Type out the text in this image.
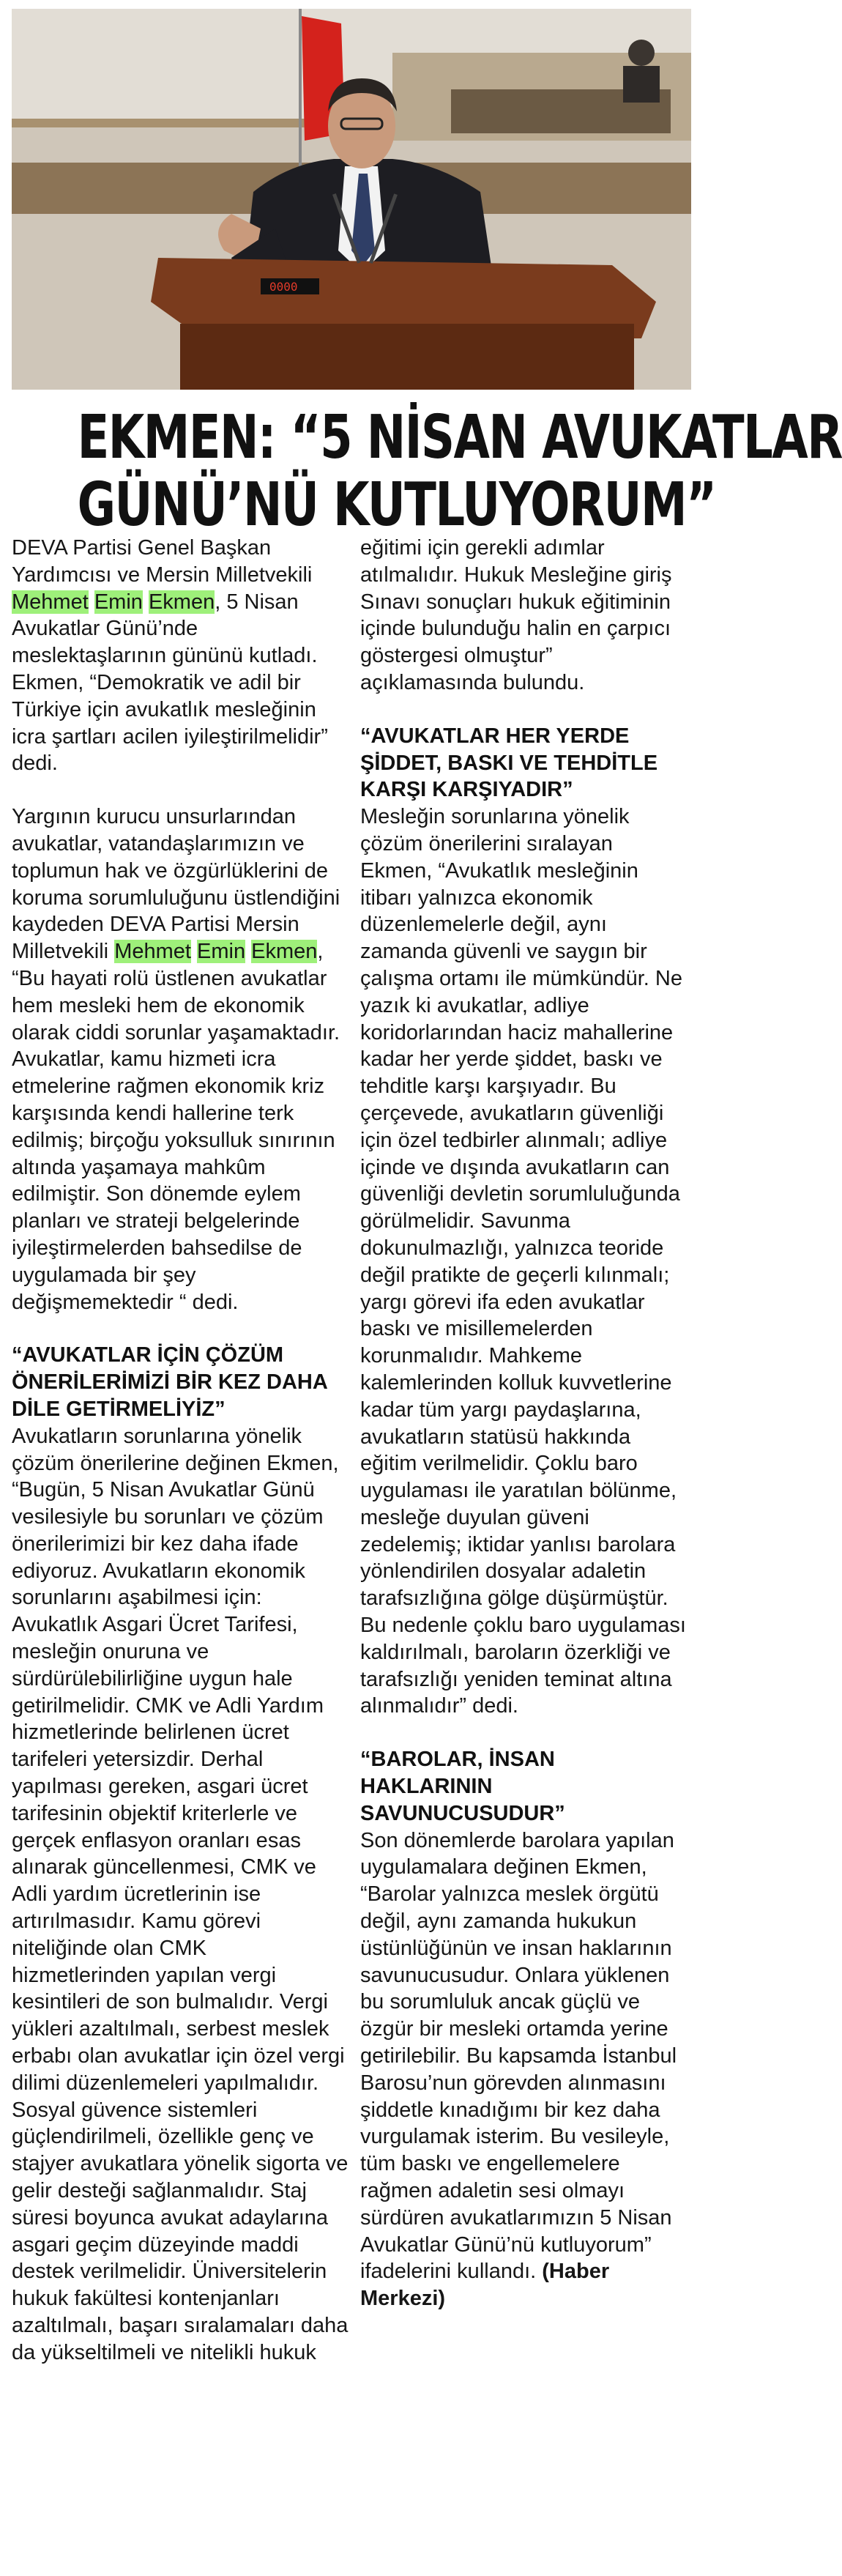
0000
EKMEN: “5 NİSAN AVUKATLAR
GÜNÜ’NÜ KUTLUYORUM”

DEVA Partisi Genel Başkan Yardımcısı ve Mersin Milletvekili Mehmet Emin Ekmen, 5 Nisan Avukatlar Günü’nde meslektaşlarının gününü kutladı. Ekmen, “Demokratik ve adil bir Türkiye için avukatlık mesleğinin icra şartları acilen iyileştirilmelidir” dedi.

Yargının kurucu unsurlarından avukatlar, vatandaşlarımızın ve toplumun hak ve özgürlüklerini de koruma sorumluluğunu üstlendiğini kaydeden DEVA Partisi Mersin Milletvekili Mehmet Emin Ekmen, “Bu hayati rolü üstlenen avukatlar hem mesleki hem de ekonomik olarak ciddi sorunlar yaşamaktadır. Avukatlar, kamu hizmeti icra etmelerine rağmen ekonomik kriz karşısında kendi hallerine terk edilmiş; birçoğu yoksulluk sınırının altında yaşamaya mahkûm edilmiştir. Son dönemde eylem planları ve strateji belgelerinde iyileştirmelerden bahsedilse de uygulamada bir şey değişmemektedir “ dedi.

“AVUKATLAR İÇİN ÇÖZÜM ÖNERİLERİMİZİ BİR KEZ DAHA DİLE GETİRMELİYİZ”

Avukatların sorunlarına yönelik çözüm önerilerine değinen Ekmen, “Bugün, 5 Nisan Avukatlar Günü vesilesiyle bu sorunları ve çözüm önerilerimizi bir kez daha ifade ediyoruz. Avukatların ekonomik sorunlarını aşabilmesi için: Avukatlık Asgari Ücret Tarifesi, mesleğin onuruna ve sürdürülebilirliğine uygun hale getirilmelidir. CMK ve Adli Yardım hizmetlerinde belirlenen ücret tarifeleri yetersizdir. Derhal yapılması gereken, asgari ücret tarifesinin objektif kriterlerle ve gerçek enflasyon oranları esas alınarak güncellenmesi, CMK ve Adli yardım ücretlerinin ise artırılmasıdır. Kamu görevi niteliğinde olan CMK hizmetlerinden yapılan vergi kesintileri de son bulmalıdır. Vergi yükleri azaltılmalı, serbest meslek erbabı olan avukatlar için özel vergi dilimi düzenlemeleri yapılmalıdır. Sosyal güvence sistemleri güçlendirilmeli, özellikle genç ve stajyer avukatlara yönelik sigorta ve gelir desteği sağlanmalıdır. Staj süresi boyunca avukat adaylarına asgari geçim düzeyinde maddi destek verilmelidir. Üniversitelerin hukuk fakültesi kontenjanları azaltılmalı, başarı sıralamaları daha da yükseltilmeli ve nitelikli hukuk

eğitimi için gerekli adımlar atılmalıdır. Hukuk Mesleğine giriş Sınavı sonuçları hukuk eğitiminin içinde bulunduğu halin en çarpıcı göstergesi olmuştur” açıklamasında bulundu.

“AVUKATLAR HER YERDE ŞİDDET, BASKI VE TEHDİTLE KARŞI KARŞIYADIR”

Mesleğin sorunlarına yönelik çözüm önerilerini sıralayan Ekmen, “Avukatlık mesleğinin itibarı yalnızca ekonomik düzenlemelerle değil, aynı zamanda güvenli ve saygın bir çalışma ortamı ile mümkündür. Ne yazık ki avukatlar, adliye koridorlarından haciz mahallerine kadar her yerde şiddet, baskı ve tehditle karşı karşıyadır. Bu çerçevede, avukatların güvenliği için özel tedbirler alınmalı; adliye içinde ve dışında avukatların can güvenliği devletin sorumluluğunda görülmelidir. Savunma dokunulmazlığı, yalnızca teoride değil pratikte de geçerli kılınmalı; yargı görevi ifa eden avukatlar baskı ve misillemelerden korunmalıdır. Mahkeme kalemlerinden kolluk kuvvetlerine kadar tüm yargı paydaşlarına, avukatların statüsü hakkında eğitim verilmelidir. Çoklu baro uygulaması ile yaratılan bölünme, mesleğe duyulan güveni zedelemiş; iktidar yanlısı barolara yönlendirilen dosyalar adaletin tarafsızlığına gölge düşürmüştür. Bu nedenle çoklu baro uygulaması kaldırılmalı, baroların özerkliği ve tarafsızlığı yeniden teminat altına alınmalıdır” dedi.

“BAROLAR, İNSAN HAKLARININ SAVUNUCUSUDUR”

Son dönemlerde barolara yapılan uygulamalara değinen Ekmen, “Barolar yalnızca meslek örgütü değil, aynı zamanda hukukun üstünlüğünün ve insan haklarının savunucusudur. Onlara yüklenen bu sorumluluk ancak güçlü ve özgür bir mesleki ortamda yerine getirilebilir. Bu kapsamda İstanbul Barosu’nun görevden alınmasını şiddetle kınadığımı bir kez daha vurgulamak isterim. Bu vesileyle, tüm baskı ve engellemelere rağmen adaletin sesi olmayı sürdüren avukatlarımızın 5 Nisan Avukatlar Günü’nü kutluyorum” ifadelerini kullandı. (Haber Merkezi)
